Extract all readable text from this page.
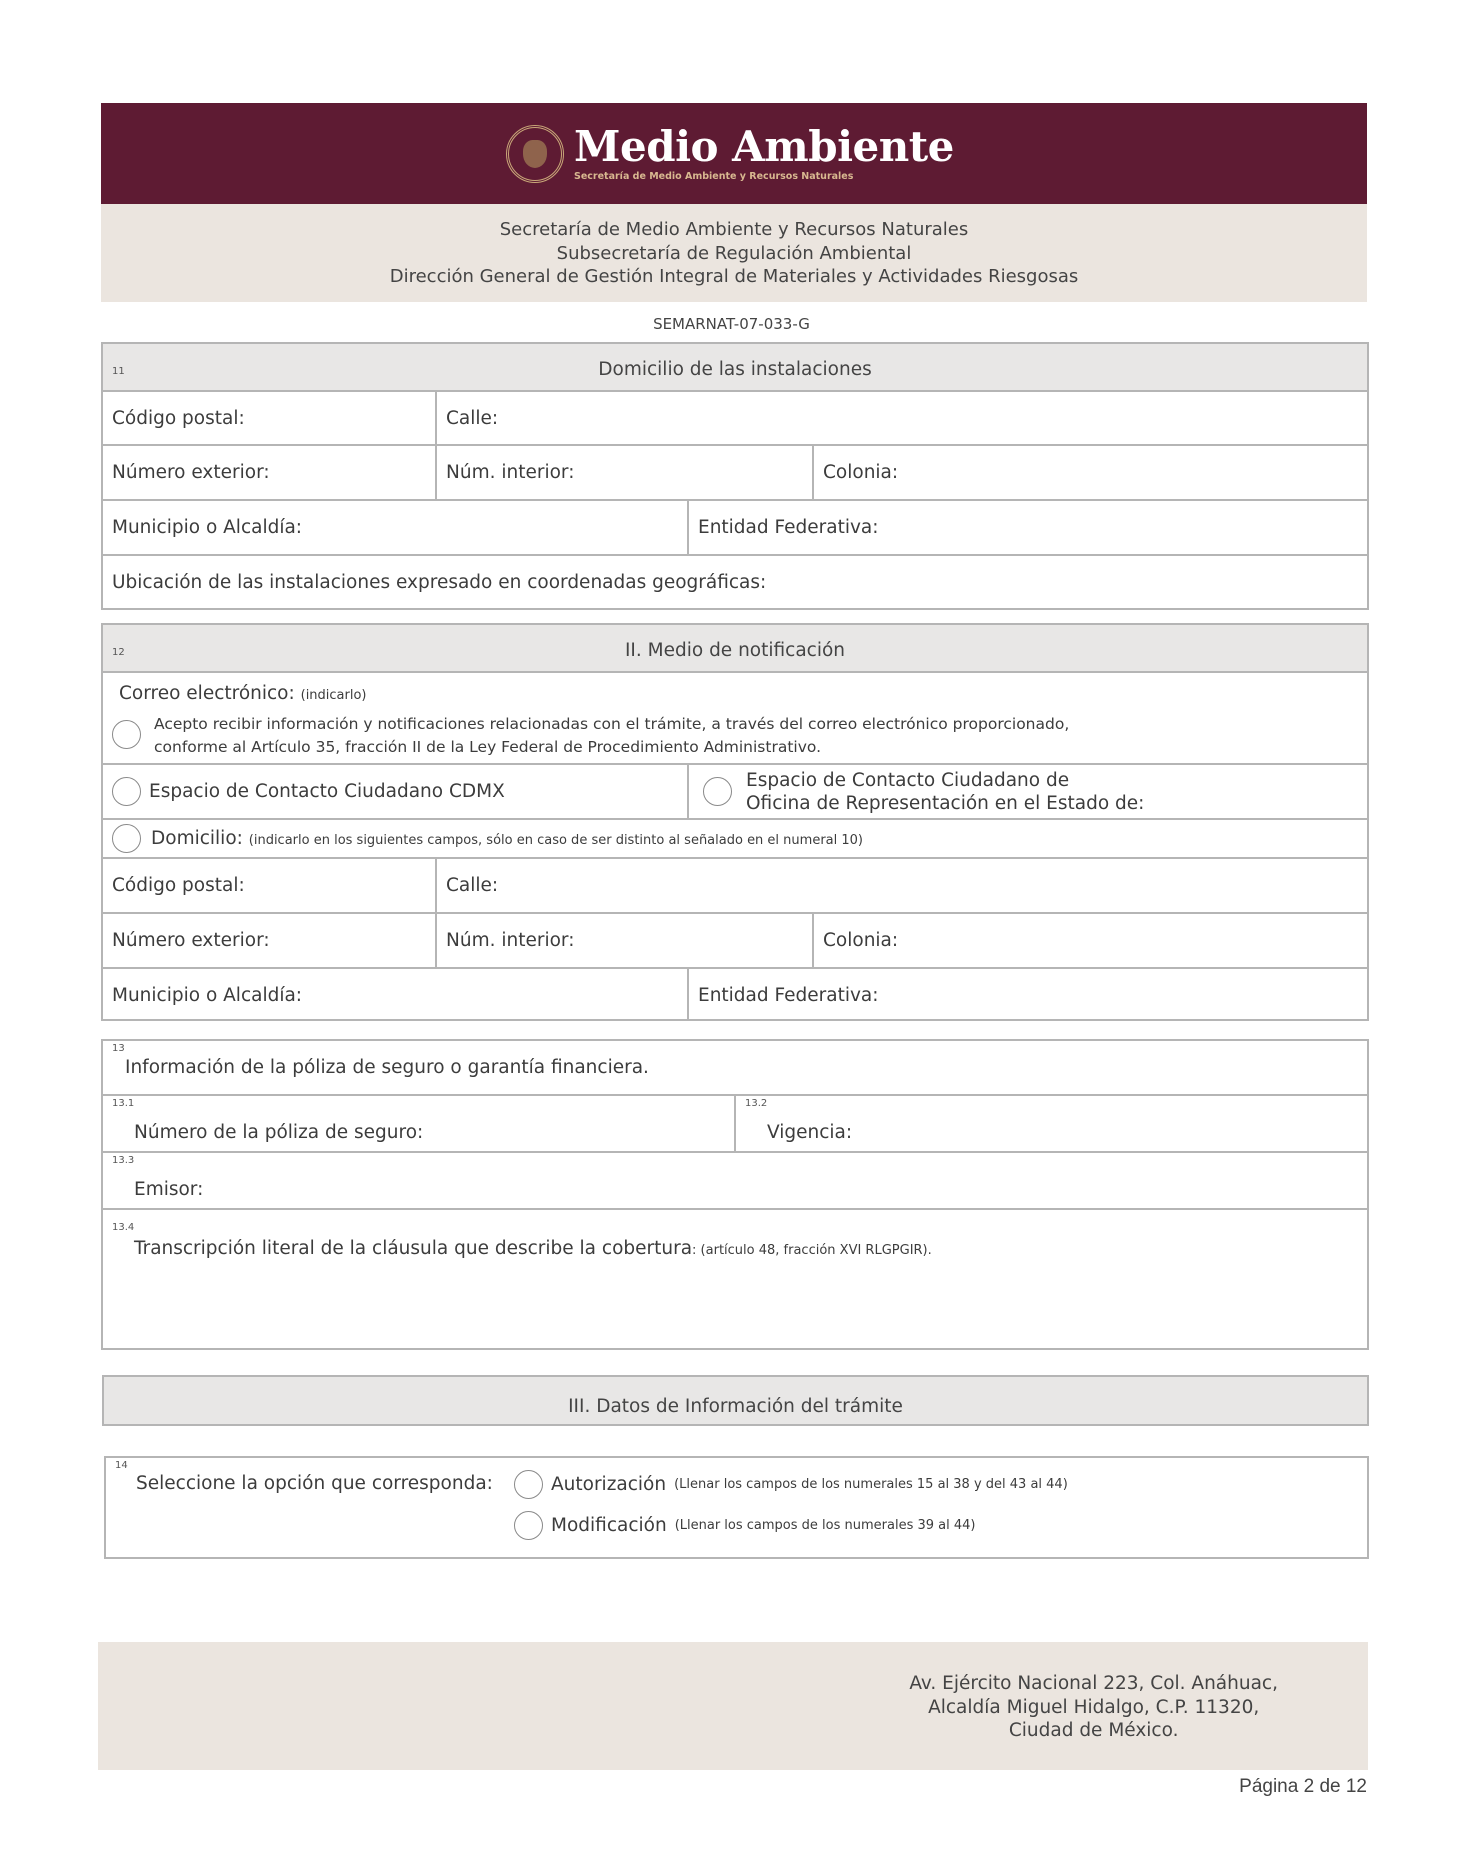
Medio Ambiente
Secretaría de Medio Ambiente y Recursos Naturales
Secretaría de Medio Ambiente y Recursos Naturales
Subsecretaría de Regulación Ambiental
Dirección General de Gestión Integral de Materiales y Actividades Riesgosas
SEMARNAT-07-033-G
11	Domicilio de las instalaciones
Código postal:	Calle:
Número exterior:	Núm. interior:	Colonia:
Municipio o Alcaldía:	Entidad Federativa:
Ubicación de las instalaciones expresado en coordenadas geográficas:
12	II. Medio de notificación
Correo electrónico: (indicarlo)
Acepto recibir información y notificaciones relacionadas con el trámite, a través del correo electrónico proporcionado,
conforme al Artículo 35, fracción II de la Ley Federal de Procedimiento Administrativo.
Espacio de Contacto Ciudadano CDMX
Espacio de Contacto Ciudadano de
Oficina de Representación en el Estado de:
Domicilio: (indicarlo en los siguientes campos, sólo en caso de ser distinto al señalado en el numeral 10)
Código postal:	Calle:
Número exterior:	Núm. interior:	Colonia:
Municipio o Alcaldía:	Entidad Federativa:
13
Información de la póliza de seguro o garantía financiera.
13.1
Número de la póliza de seguro:
13.2
Vigencia:
13.3
Emisor:
13.4
Transcripción literal de la cláusula que describe la cobertura: (artículo 48, fracción XVI RLGPGIR).
III. Datos de Información del trámite
14
Seleccione la opción que corresponda:	Autorización (Llenar los campos de los numerales 15 al 38 y del 43 al 44)
Modificación (Llenar los campos de los numerales 39 al 44)
Av. Ejército Nacional 223, Col. Anáhuac,
Alcaldía Miguel Hidalgo, C.P. 11320,
Ciudad de México.
Página 2 de 12
